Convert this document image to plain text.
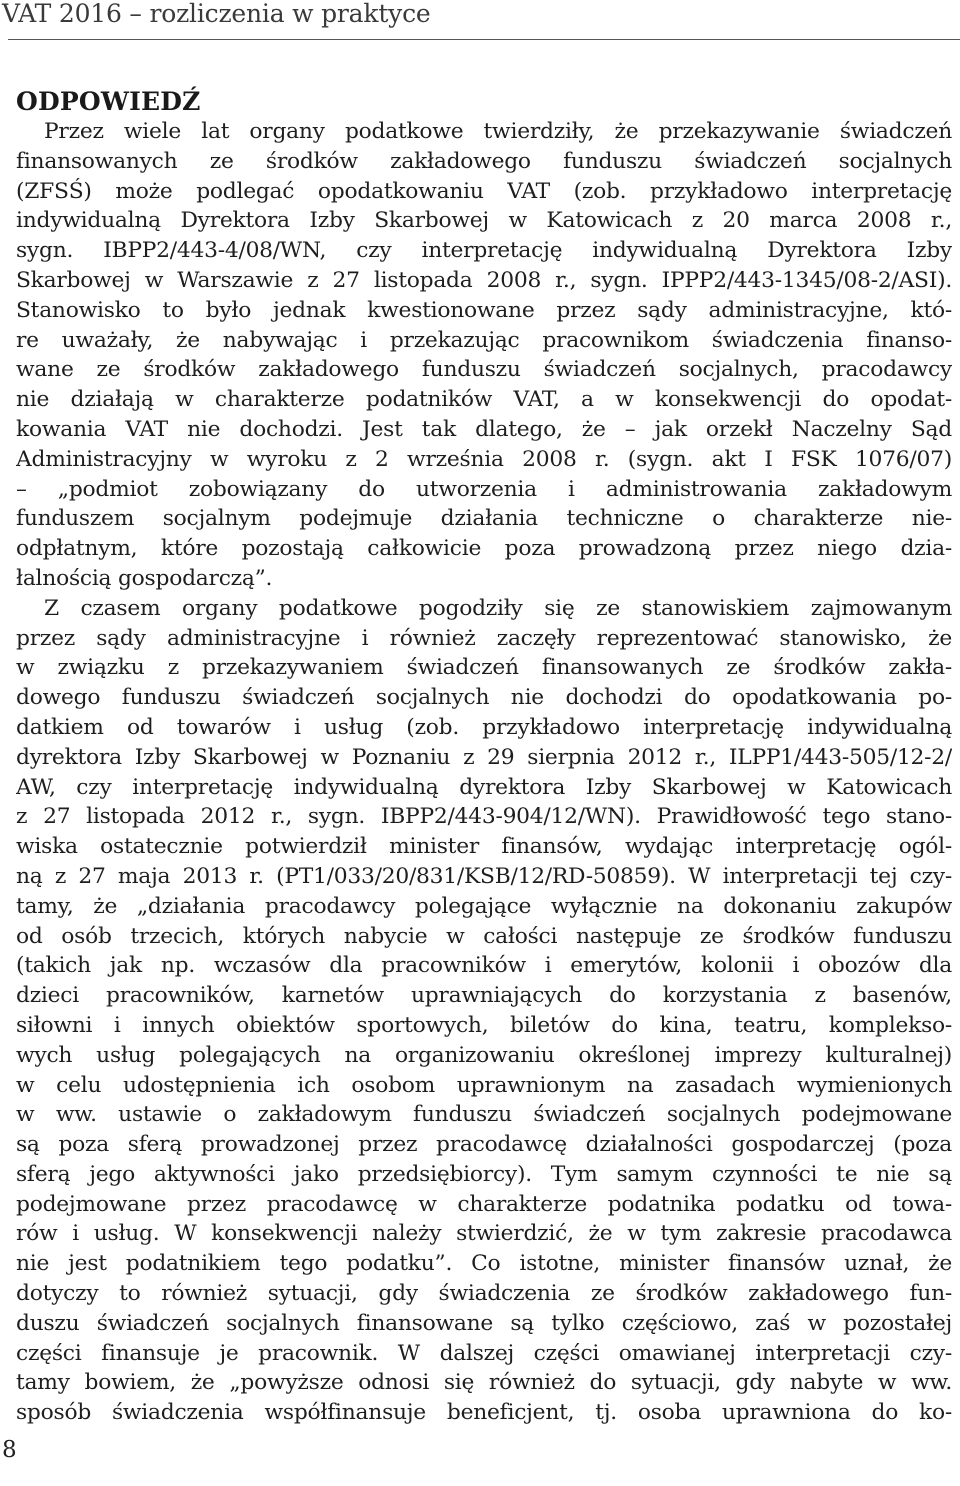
VAT 2016 – rozliczenia w praktyce
ODPOWIEDŹ
Przez wiele lat organy podatkowe twierdziły, że przekazywanie świadczeń
finansowanych ze środków zakładowego funduszu świadczeń socjalnych
(ZFSŚ) może podlegać opodatkowaniu VAT (zob. przykładowo interpretację
indywidualną Dyrektora Izby Skarbowej w Katowicach z 20 marca 2008 r.,
sygn. IBPP2/443-4/08/WN, czy interpretację indywidualną Dyrektora Izby
Skarbowej w Warszawie z 27 listopada 2008 r., sygn. IPPP2/443-1345/08-2/ASI).
Stanowisko to było jednak kwestionowane przez sądy administracyjne, któ-
re uważały, że nabywając i przekazując pracownikom świadczenia finanso-
wane ze środków zakładowego funduszu świadczeń socjalnych, pracodawcy
nie działają w charakterze podatników VAT, a w konsekwencji do opodat-
kowania VAT nie dochodzi. Jest tak dlatego, że – jak orzekł Naczelny Sąd
Administracyjny w wyroku z 2 września 2008 r. (sygn. akt I FSK 1076/07)
– „podmiot zobowiązany do utworzenia i administrowania zakładowym
funduszem socjalnym podejmuje działania techniczne o charakterze nie-
odpłatnym, które pozostają całkowicie poza prowadzoną przez niego dzia-
łalnością gospodarczą”.
Z czasem organy podatkowe pogodziły się ze stanowiskiem zajmowanym
przez sądy administracyjne i również zaczęły reprezentować stanowisko, że
w związku z przekazywaniem świadczeń finansowanych ze środków zakła-
dowego funduszu świadczeń socjalnych nie dochodzi do opodatkowania po-
datkiem od towarów i usług (zob. przykładowo interpretację indywidualną
dyrektora Izby Skarbowej w Poznaniu z 29 sierpnia 2012 r., ILPP1/443-505/12-2/
AW, czy interpretację indywidualną dyrektora Izby Skarbowej w Katowicach
z 27 listopada 2012 r., sygn. IBPP2/443-904/12/WN). Prawidłowość tego stano-
wiska ostatecznie potwierdził minister finansów, wydając interpretację ogól-
ną z 27 maja 2013 r. (PT1/033/20/831/KSB/12/RD-50859). W interpretacji tej czy-
tamy, że „działania pracodawcy polegające wyłącznie na dokonaniu zakupów
od osób trzecich, których nabycie w całości następuje ze środków funduszu
(takich jak np. wczasów dla pracowników i emerytów, kolonii i obozów dla
dzieci pracowników, karnetów uprawniających do korzystania z basenów,
siłowni i innych obiektów sportowych, biletów do kina, teatru, komplekso-
wych usług polegających na organizowaniu określonej imprezy kulturalnej)
w celu udostępnienia ich osobom uprawnionym na zasadach wymienionych
w ww. ustawie o zakładowym funduszu świadczeń socjalnych podejmowane
są poza sferą prowadzonej przez pracodawcę działalności gospodarczej (poza
sferą jego aktywności jako przedsiębiorcy). Tym samym czynności te nie są
podejmowane przez pracodawcę w charakterze podatnika podatku od towa-
rów i usług. W konsekwencji należy stwierdzić, że w tym zakresie pracodawca
nie jest podatnikiem tego podatku”. Co istotne, minister finansów uznał, że
dotyczy to również sytuacji, gdy świadczenia ze środków zakładowego fun-
duszu świadczeń socjalnych finansowane są tylko częściowo, zaś w pozostałej
części finansuje je pracownik. W dalszej części omawianej interpretacji czy-
tamy bowiem, że „powyższe odnosi się również do sytuacji, gdy nabyte w ww.
sposób świadczenia współfinansuje beneficjent, tj. osoba uprawniona do ko-
8
